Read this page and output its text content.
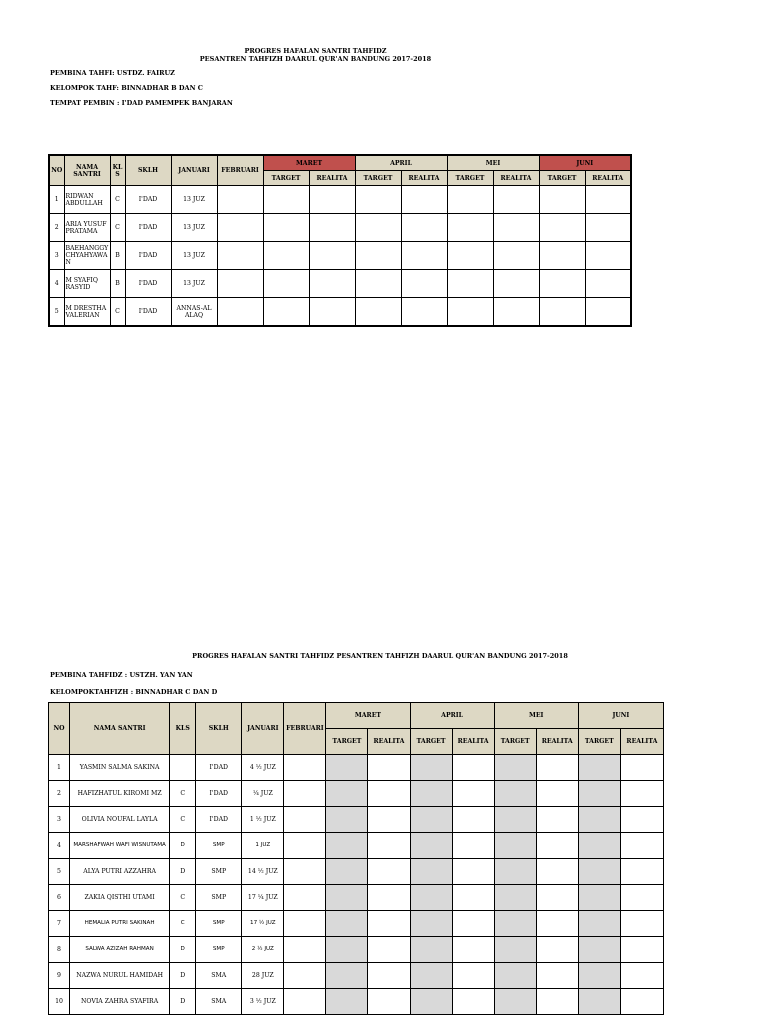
PROGRES HAFALAN SANTRI TAHFIDZ
PESANTREN TAHFIZH DAARUL QUR'AN BANDUNG 2017-2018
PEMBINA TAHFI: USTDZ. FAIRUZ
KELOMPOK TAHF: BINNADHAR B DAN C
TEMPAT PEMBIN : I'DAD PAMEMPEK BANJARAN
NO	NAMA SANTRI	KL S	SKLH	JANUARI	FEBRUARI	MARET		APRIL		MEI		JUNI	
						TARGET	REALITA	TARGET	REALITA	TARGET	REALITA	TARGET	REALITA
1	RIDWAN ABDULLAH	C	I'DAD	13 JUZ									
2	ARIA YUSUF PRATAMA	C	I'DAD	13 JUZ									
3	BAEHANGGY CHYAHYAWA N	B	I'DAD	13 JUZ									
4	M SYAFIQ RASYID	B	I'DAD	13 JUZ									
5	M DRESTHA VALERIAN	C	I'DAD	ANNAS-AL ALAQ									
PROGRES HAFALAN SANTRI TAHFIDZ PESANTREN TAHFIZH DAARUL QUR'AN BANDUNG 2017-2018
PEMBINA TAHFIDZ : USTZH. YAN YAN
KELOMPOKTAHFIZH : BINNADHAR C DAN D
NO	NAMA SANTRI	KLS	SKLH	JANUARI	FEBRUARI	MARET		APRIL		MEI		JUNI	
						TARGET	REALITA	TARGET	REALITA	TARGET	REALITA	TARGET	REALITA
1	YASMIN SALMA SAKINA		I'DAD	4 ½ JUZ									
2	HAFIZHATUL KIROMI MZ	C	I'DAD	¼ JUZ									
3	OLIVIA NOUFAL LAYLA	C	I'DAD	1 ½ JUZ									
4	MARSHAFWAH WAFI WISNUTAMA	D	SMP	1 JUZ									
5	ALYA PUTRI AZZAHRA	D	SMP	14 ½ JUZ									
6	ZAKIA QISTHI UTAMI	C	SMP	17 ¼ JUZ									
7	HEMALIA PUTRI SAKINAH	C	SMP	17 ½ JUZ									
8	SALWA AZIZAH RAHMAN	D	SMP	2 ½ JUZ									
9	NAZWA NURUL HAMIDAH	D	SMA	28 JUZ									
10	NOVIA ZAHRA SYAFIRA	D	SMA	3 ½ JUZ									
